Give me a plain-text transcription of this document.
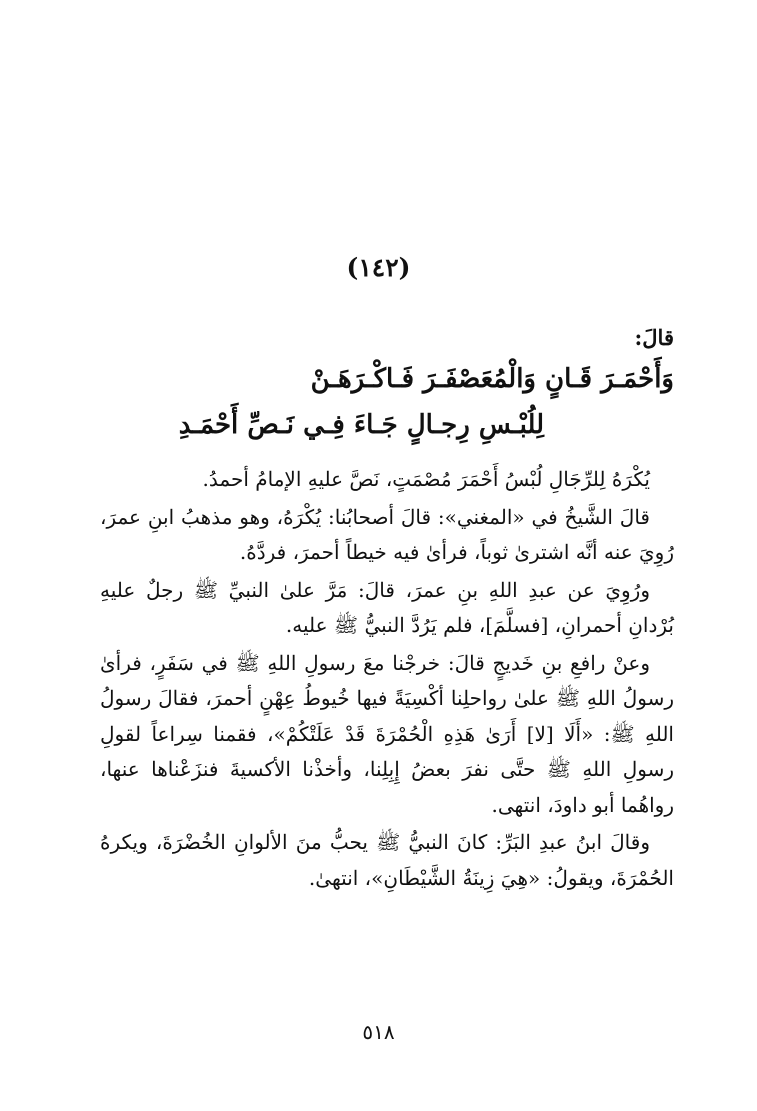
(١٤٢)

قالَ:

وَأَحْمَـرَ قَـانٍ وَالْمُعَصْفَـرَ فَـاكْـرَهَـنْ

لِلُبْـسِ رِجـالٍ جَـاءَ فِـي نَـصِّ أَحْمَـدِ

يُكْرَهُ لِلرِّجَالِ لُبْسُ أَحْمَرَ مُصْمَتٍ، نَصَّ عليهِ الإمامُ أحمدُ.

قالَ الشَّيخُ في «المغني»: قالَ أصحابُنا: يُكْرَهُ، وهو مذهبُ ابنِ عمرَ، رُوِيَ عنه أنَّه اشترىٰ ثوباً، فرأىٰ فيه خيطاً أحمرَ، فردَّهُ.

ورُوِيَ عن عبدِ اللهِ بنِ عمرَ، قالَ: مَرَّ علىٰ النبيِّ ﷺ رجلٌ عليهِ بُرْدانِ أحمرانِ، [فسلَّمَ]، فلم يَرُدَّ النبيُّ ﷺ عليه.

وعنْ رافعِ بنِ خَديجٍ قالَ: خرجْنا معَ رسولِ اللهِ ﷺ في سَفَرٍ، فرأىٰ رسولُ اللهِ ﷺ علىٰ رواحلِنا أكْسِيَةً فيها خُيوطُ عِهْنٍ أحمرَ، فقالَ رسولُ اللهِ ﷺ: «أَلَا [لا] أَرَىٰ هَذِهِ الْحُمْرَةَ قَدْ عَلَتْكُمْ»، فقمنا سِراعاً لقولِ رسولِ اللهِ ﷺ حتَّى نفرَ بعضُ إِبِلِنا، وأخذْنا الأكسيةَ فنزَعْناها عنها، رواهُما أبو داودَ، انتهى.

وقالَ ابنُ عبدِ البَرِّ: كانَ النبيُّ ﷺ يحبُّ منَ الألوانِ الخُضْرَةَ، ويكرهُ الحُمْرَةَ، ويقولُ: «هِيَ زِينَةُ الشَّيْطَانِ»، انتهىٰ.

٥١٨
